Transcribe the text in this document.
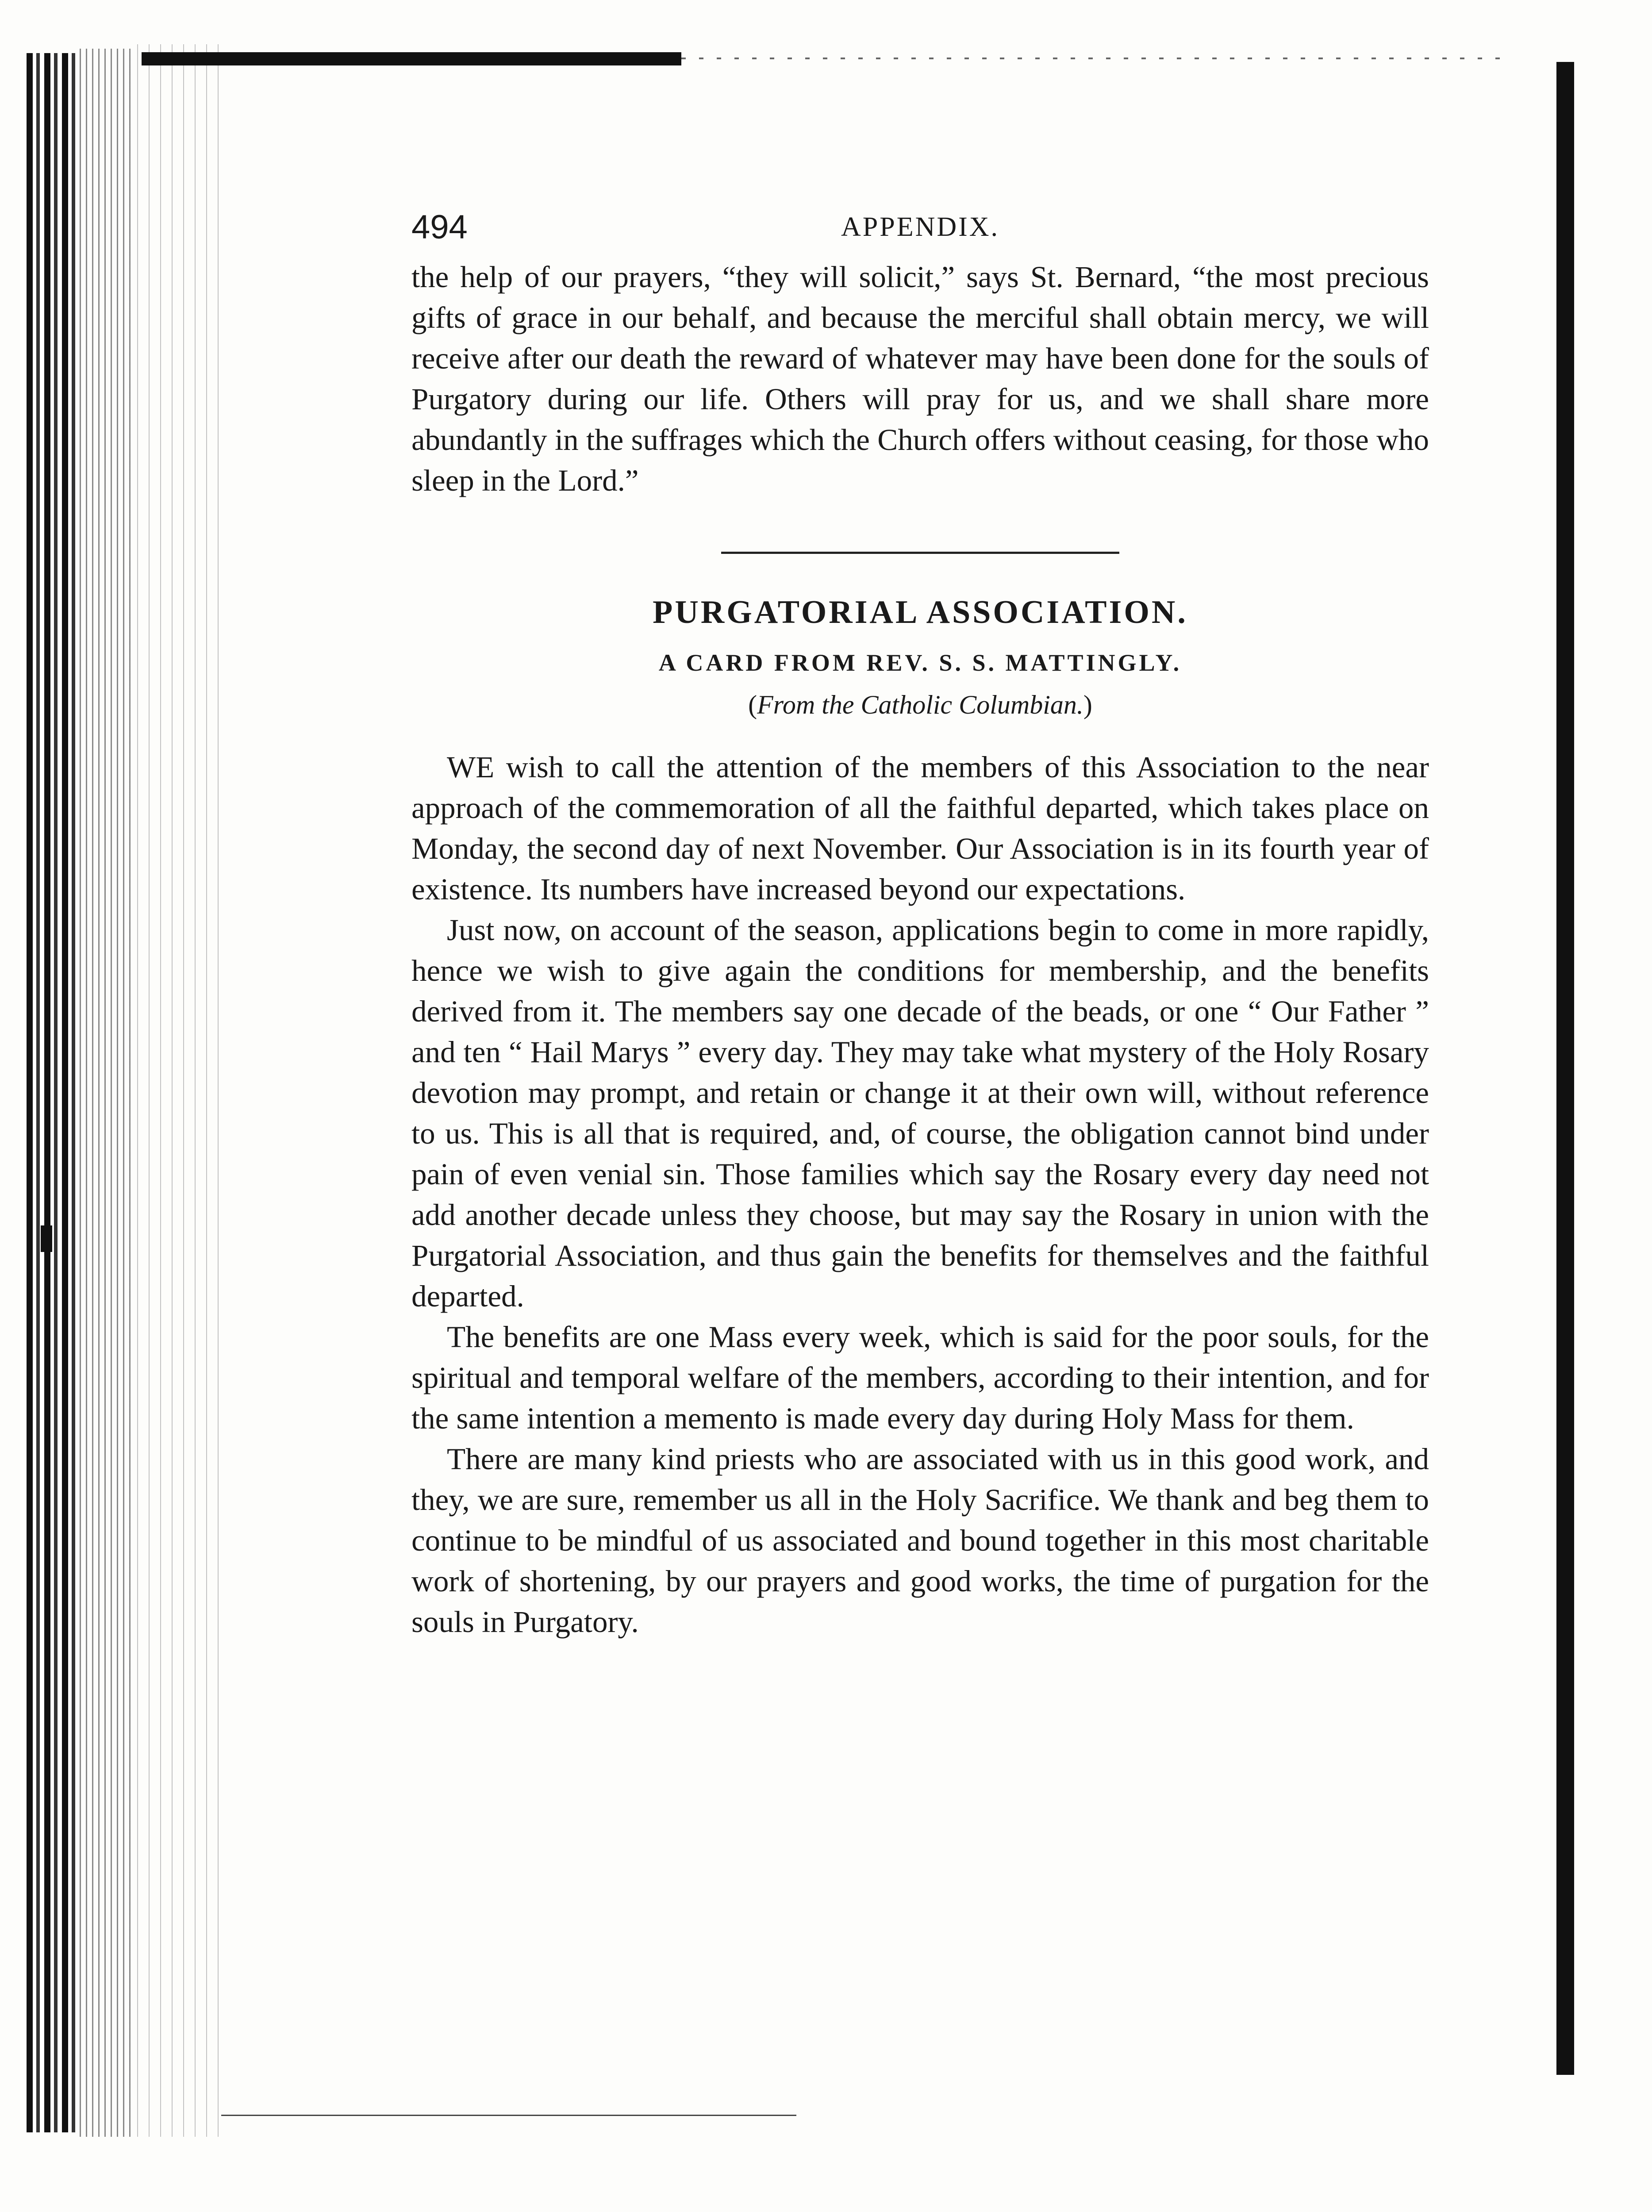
494	APPENDIX.

the help of our prayers, “they will solicit,” says St. Bernard, “the most precious gifts of grace in our behalf, and because the merciful shall obtain mercy, we will receive after our death the reward of whatever may have been done for the souls of Purgatory during our life. Others will pray for us, and we shall share more abundantly in the suffrages which the Church offers without ceasing, for those who sleep in the Lord.”

PURGATORIAL ASSOCIATION.
A CARD FROM REV. S. S. MATTINGLY.
(From the Catholic Columbian.)

WE wish to call the attention of the members of this Association to the near approach of the commemoration of all the faithful departed, which takes place on Monday, the second day of next November. Our Association is in its fourth year of existence. Its numbers have increased beyond our expectations.

Just now, on account of the season, applications begin to come in more rapidly, hence we wish to give again the conditions for membership, and the benefits derived from it. The members say one decade of the beads, or one “ Our Father ” and ten “ Hail Marys ” every day. They may take what mystery of the Holy Rosary devotion may prompt, and retain or change it at their own will, without reference to us. This is all that is required, and, of course, the obligation cannot bind under pain of even venial sin. Those families which say the Rosary every day need not add another decade unless they choose, but may say the Rosary in union with the Purgatorial Association, and thus gain the benefits for themselves and the faithful departed.

The benefits are one Mass every week, which is said for the poor souls, for the spiritual and temporal welfare of the members, according to their intention, and for the same intention a memento is made every day during Holy Mass for them.

There are many kind priests who are associated with us in this good work, and they, we are sure, remember us all in the Holy Sacrifice. We thank and beg them to continue to be mindful of us associated and bound together in this most charitable work of shortening, by our prayers and good works, the time of purgation for the souls in Purgatory.
